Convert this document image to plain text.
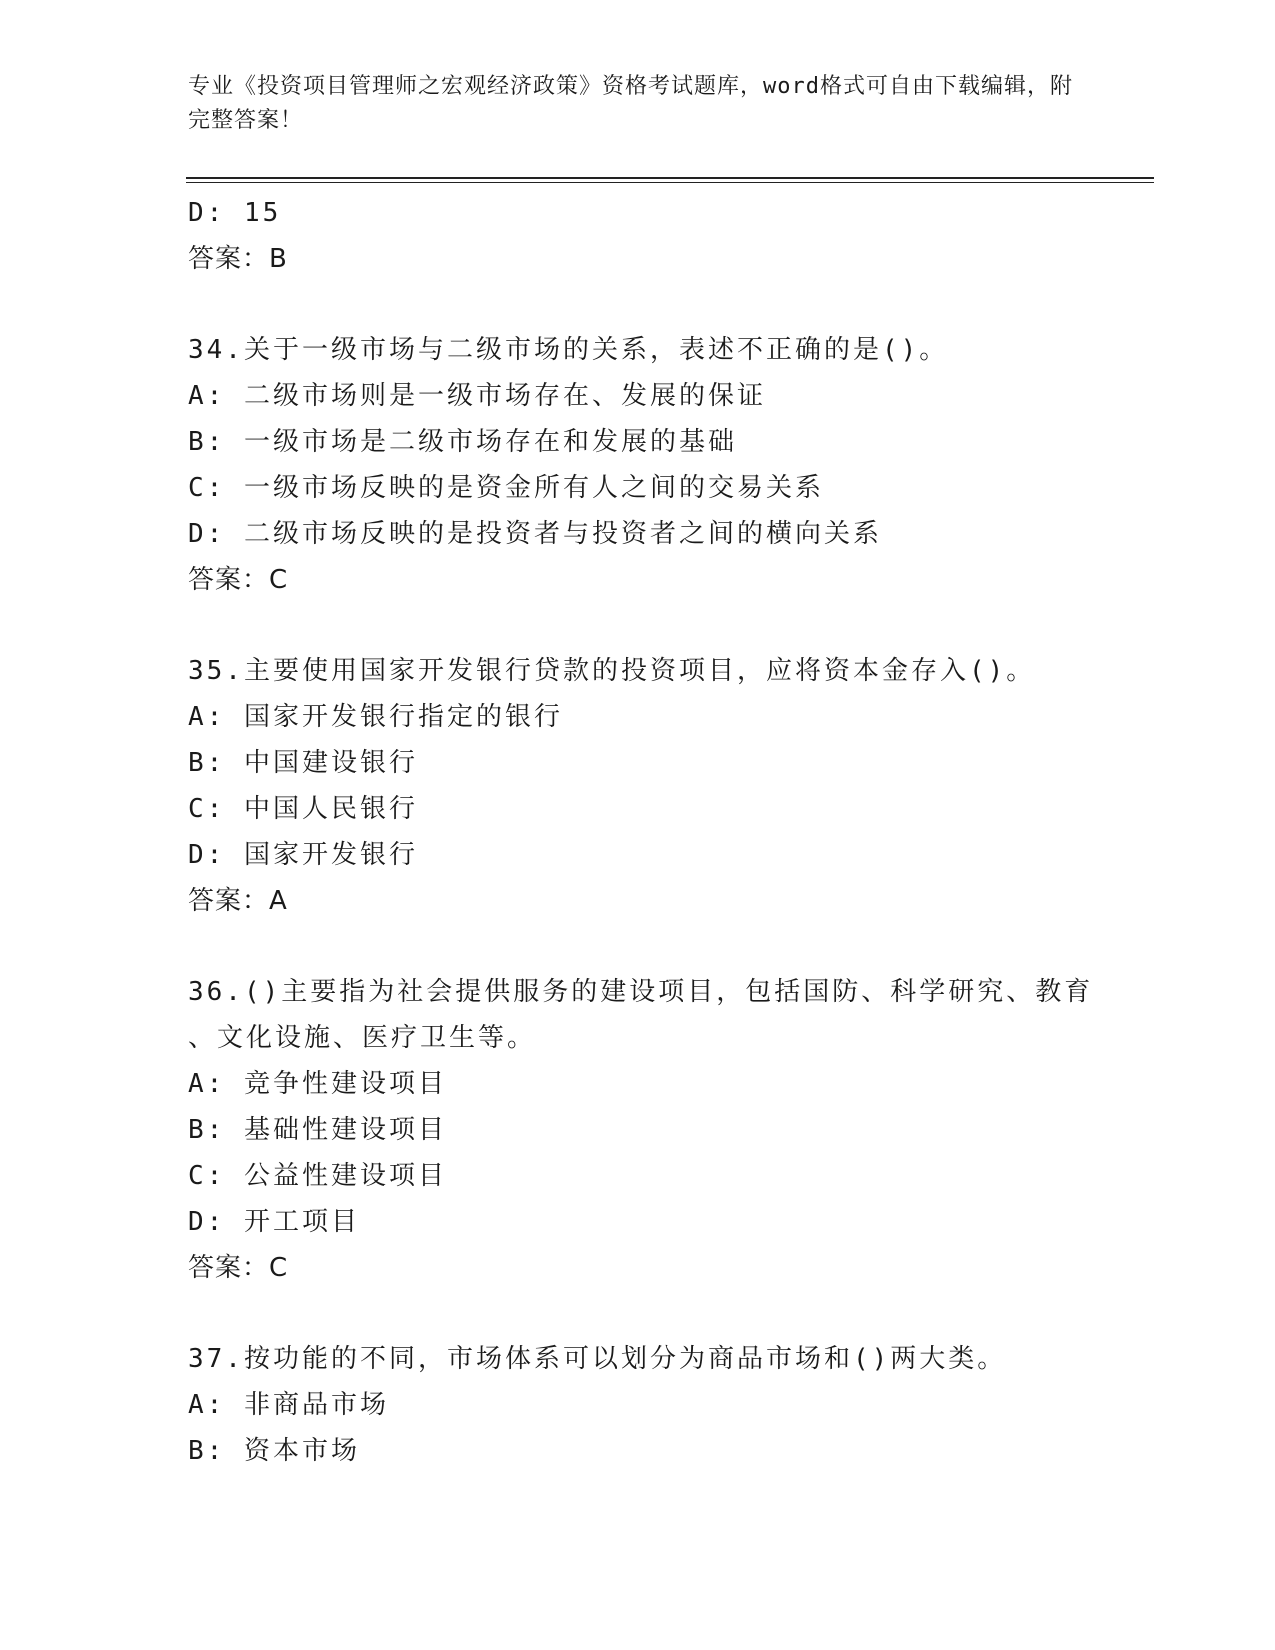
专业《投资项目管理师之宏观经济政策》资格考试题库，word格式可自由下载编辑，附完整答案！
D: 15
答案：B
34.关于一级市场与二级市场的关系，表述不正确的是()。
A: 二级市场则是一级市场存在、发展的保证
B: 一级市场是二级市场存在和发展的基础
C: 一级市场反映的是资金所有人之间的交易关系
D: 二级市场反映的是投资者与投资者之间的横向关系
答案：C
35.主要使用国家开发银行贷款的投资项目，应将资本金存入()。
A: 国家开发银行指定的银行
B: 中国建设银行
C: 中国人民银行
D: 国家开发银行
答案：A
36.()主要指为社会提供服务的建设项目，包括国防、科学研究、教育
、文化设施、医疗卫生等。
A: 竞争性建设项目
B: 基础性建设项目
C: 公益性建设项目
D: 开工项目
答案：C
37.按功能的不同，市场体系可以划分为商品市场和()两大类。
A: 非商品市场
B: 资本市场
